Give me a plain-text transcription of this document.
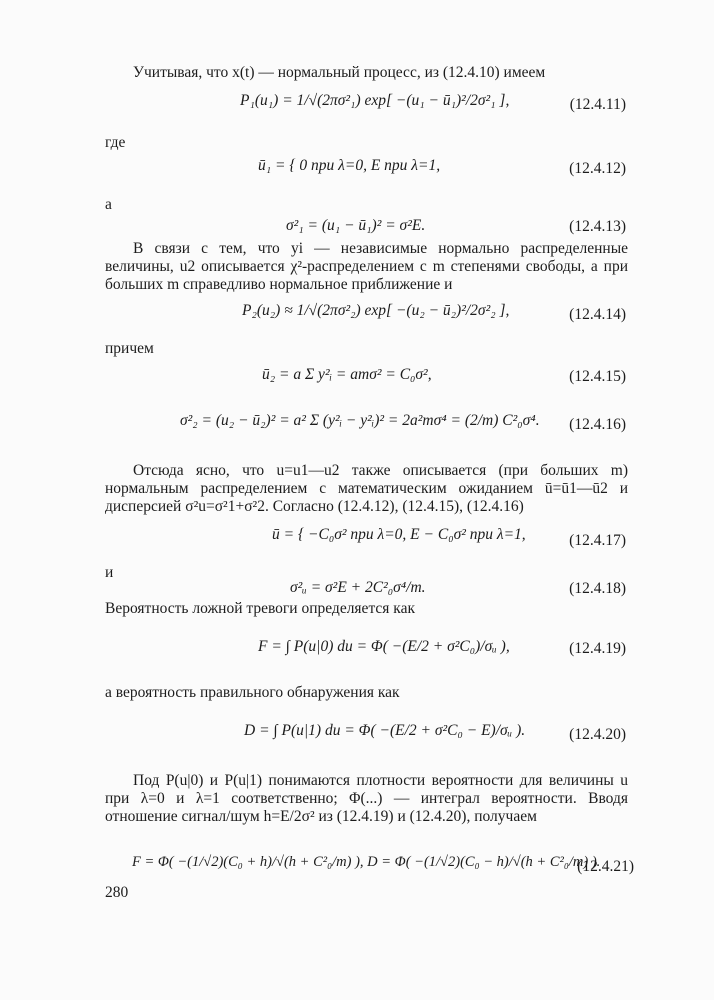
Учитывая, что x(t) — нормальный процесс, из (12.4.10) имеем
P₁(u₁) = 1/√(2πσ²₁) exp[ −(u₁ − ū₁)²/2σ²₁ ],	(12.4.11)
где
ū₁ = { 0 при λ=0, E при λ=1,	(12.4.12)
а
σ²₁ = (u₁ − ū₁)² = σ²E.	(12.4.13)
В связи с тем, что yi — независимые нормально распределенные величины, u2 описывается χ²-распределением с m степенями свободы, а при больших m справедливо нормальное приближение и
P₂(u₂) ≈ 1/√(2πσ²₂) exp[ −(u₂ − ū₂)²/2σ²₂ ],	(12.4.14)
причем
ū₂ = a Σ y²ᵢ = amσ² = C₀σ²,	(12.4.15)
σ²₂ = (u₂ − ū₂)² = a² Σ (y²ᵢ − y²ᵢ)² = 2a²mσ⁴ = (2/m) C²₀σ⁴. (12.4.16)
Отсюда ясно, что u=u1—u2 также описывается (при больших m) нормальным распределением с математическим ожиданием ū=ū1—ū2 и дисперсией σ²u=σ²1+σ²2. Согласно (12.4.12), (12.4.15), (12.4.16)
ū = { −C₀σ² при λ=0, E − C₀σ² при λ=1,	(12.4.17)
и
σ²ᵤ = σ²E + 2C²₀σ⁴/m.	(12.4.18)
Вероятность ложной тревоги определяется как
F = ∫ P(u|0) du = Φ( −(E/2 + σ²C₀)/σᵤ ),	(12.4.19)
а вероятность правильного обнаружения как
D = ∫ P(u|1) du = Φ( −(E/2 + σ²C₀ − E)/σᵤ ).	(12.4.20)
Под P(u|0) и P(u|1) понимаются плотности вероятности для величины u при λ=0 и λ=1 соответственно; Φ(...) — интеграл вероятности. Вводя отношение сигнал/шум h=E/2σ² из (12.4.19) и (12.4.20), получаем
F = Φ( −(1/√2)(C₀ + h)/√(h + C²₀/m) ), D = Φ( −(1/√2)(C₀ − h)/√(h + C²₀/m) ).
(12.4.21)
280
